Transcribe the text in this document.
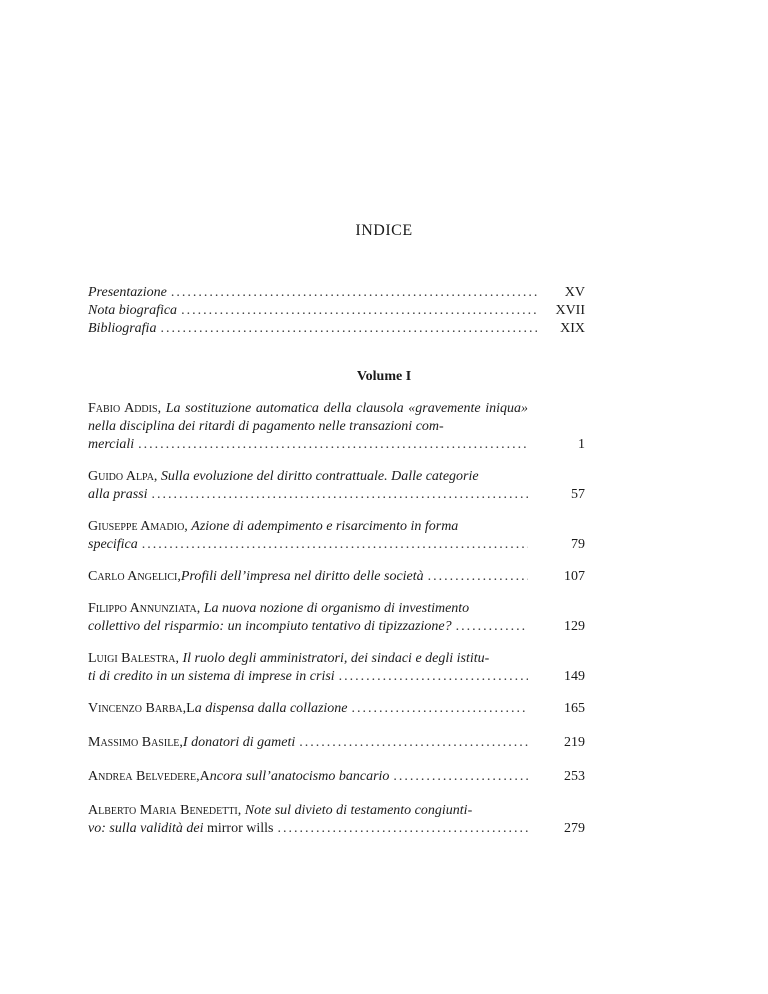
INDICE
Presentazione .....	XV
Nota biografica .....	XVII
Bibliografia .....	XIX
Volume I
Fabio Addis, La sostituzione automatica della clausola «gravemente iniqua» nella disciplina dei ritardi di pagamento nelle transazioni com-
merciali .....	1
Guido Alpa, Sulla evoluzione del diritto contrattuale. Dalle categorie
alla prassi .....	57
Giuseppe Amadio, Azione di adempimento e risarcimento in forma
specifica .....	79
Carlo Angelici , Profili dell’impresa nel diritto delle società .....	107
Filippo Annunziata, La nuova nozione di organismo di investimento
collettivo del risparmio: un incompiuto tentativo di tipizzazione? .....	129
Luigi Balestra, Il ruolo degli amministratori, dei sindaci e degli istitu-
ti di credito in un sistema di imprese in crisi .....	149
Vincenzo Barba , L a dispensa dalla collazione .....	165
Massimo Basile , I donatori di gameti .....	219
Andrea Belvedere , A ncora sull’anatocismo bancario .....	253
Alberto Maria Benedetti, Note sul divieto di testamento congiunti-
vo: sulla validità dei
mirror wills .....	279
